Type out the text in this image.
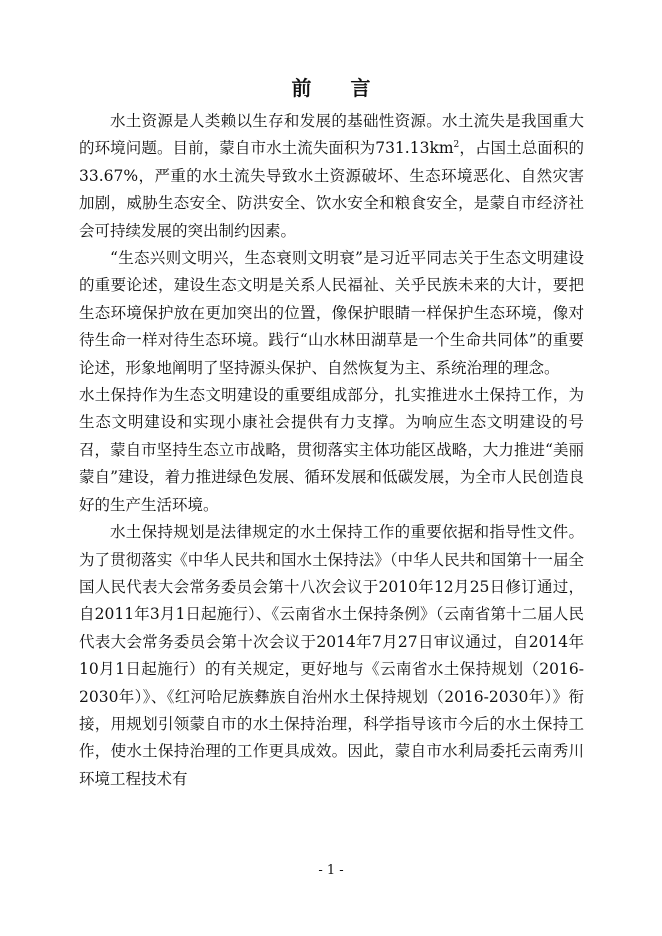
前 言

水土资源是人类赖以生存和发展的基础性资源。水土流失是我国重大的环境问题。目前，蒙自市水土流失面积为$731.13km^2$，占国土总面积的33.67%，严重的水土流失导致水土资源破坏、生态环境恶化、自然灾害加剧，威胁生态安全、防洪安全、饮水安全和粮食安全，是蒙自市经济社会可持续发展的突出制约因素。

“生态兴则文明兴，生态衰则文明衰”是习近平同志关于生态文明建设的重要论述，建设生态文明是关系人民福祉、关乎民族未来的大计，要把生态环境保护放在更加突出的位置，像保护眼睛一样保护生态环境，像对待生命一样对待生态环境。践行“山水林田湖草是一个生命共同体”的重要论述，形象地阐明了坚持源头保护、自然恢复为主、系统治理的理念。

水土保持作为生态文明建设的重要组成部分，扎实推进水土保持工作，为生态文明建设和实现小康社会提供有力支撑。为响应生态文明建设的号召，蒙自市坚持生态立市战略，贯彻落实主体功能区战略，大力推进“美丽蒙自”建设，着力推进绿色发展、循环发展和低碳发展，为全市人民创造良好的生产生活环境。

水土保持规划是法律规定的水土保持工作的重要依据和指导性文件。为了贯彻落实《中华人民共和国水土保持法》（中华人民共和国第十一届全国人民代表大会常务委员会第十八次会议于2010年12月25日修订通过，自2011年3月1日起施行）、《云南省水土保持条例》（云南省第十二届人民代表大会常务委员会第十次会议于2014年7月27日审议通过，自2014年10月1日起施行）的有关规定，更好地与《云南省水土保持规划（2016-2030年）》、《红河哈尼族彝族自治州水土保持规划（2016-2030年）》衔接，用规划引领蒙自市的水土保持治理，科学指导该市今后的水土保持工作，使水土保持治理的工作更具成效。因此，蒙自市水利局委托云南秀川环境工程技术有

- 1 -
